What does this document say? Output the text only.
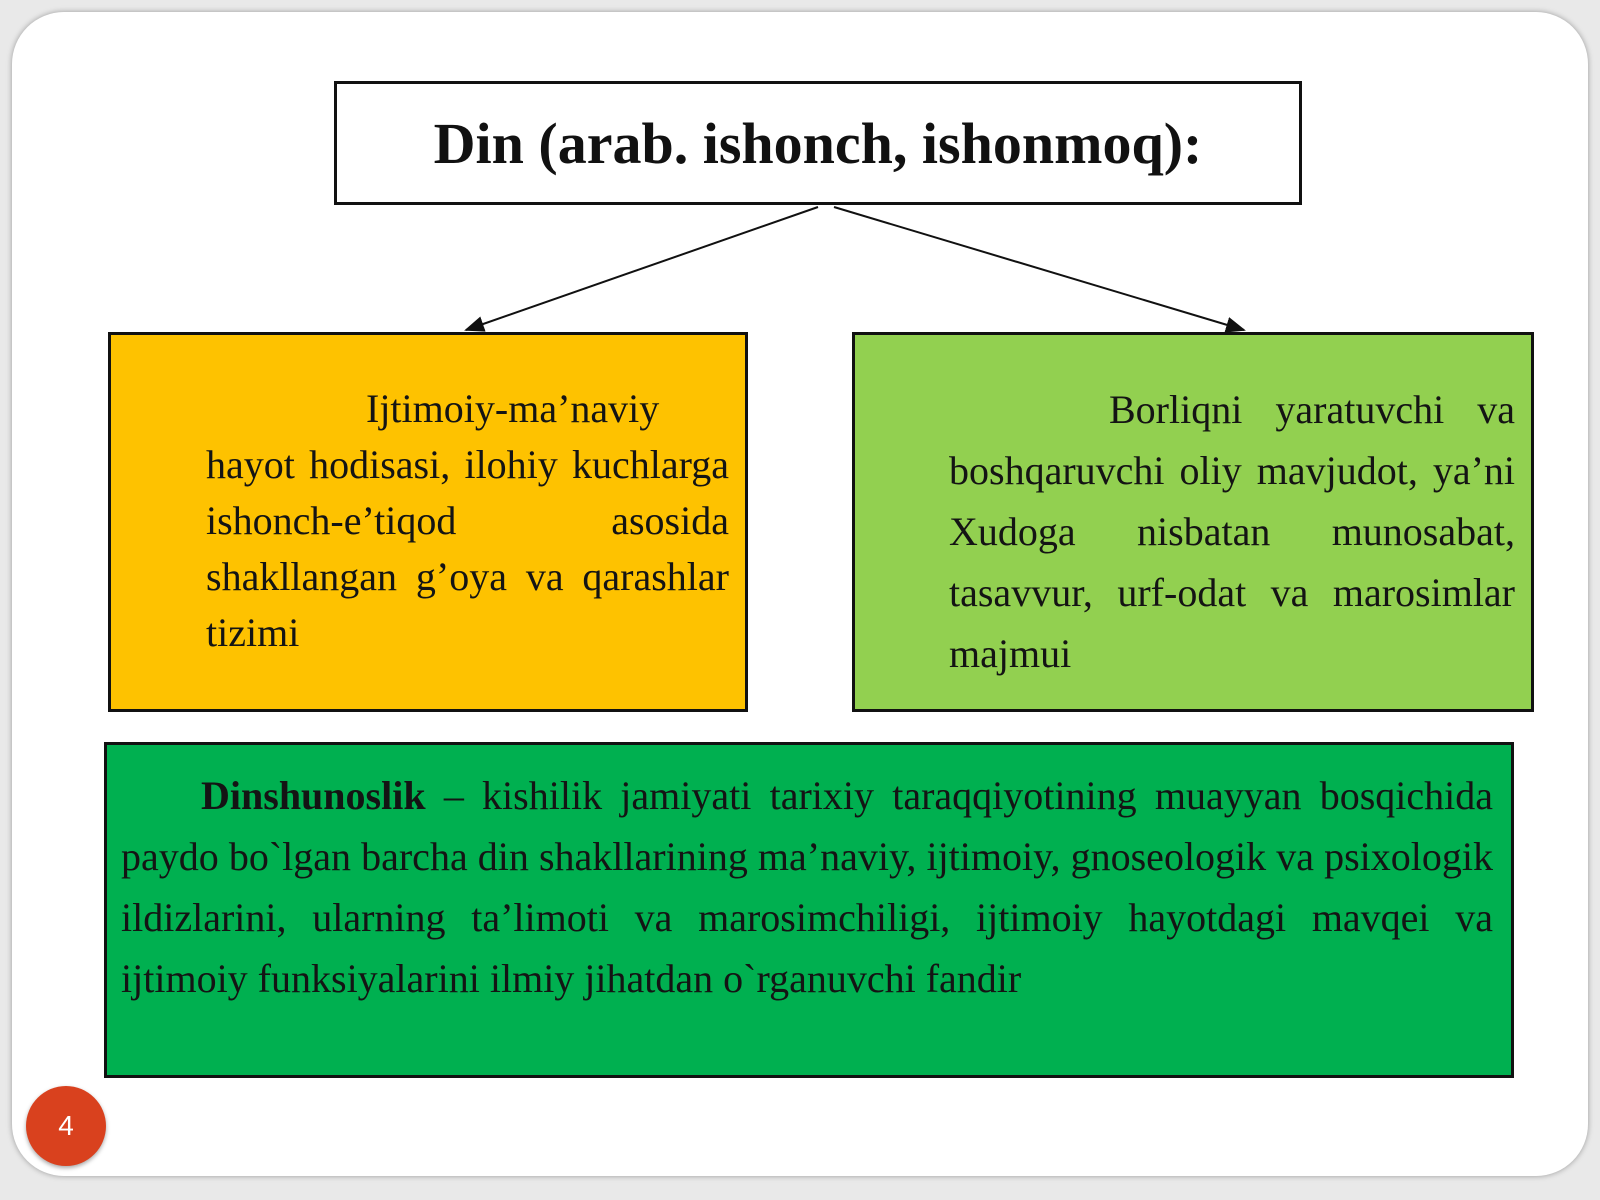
Din (arab. ishonch, ishonmoq):

Ijtimoiy-ma’naviy hayot hodisasi, ilohiy kuchlarga ishonch-e’tiqod asosida shakllangan g’oya va qarashlar tizimi

Borliqni yaratuvchi va boshqaruvchi oliy mavjudot, ya’ni Xudoga nisbatan munosabat, tasavvur, urf-odat va marosimlar majmui

Dinshunoslik – kishilik jamiyati tarixiy taraqqiyotining muayyan bosqichida paydo bo`lgan barcha din shakllarining ma’naviy, ijtimoiy, gnoseologik va psixologik ildizlarini, ularning ta’limoti va marosimchiligi, ijtimoiy hayotdagi mavqei va ijtimoiy funksiyalarini ilmiy jihatdan o`rganuvchi fandir

4
